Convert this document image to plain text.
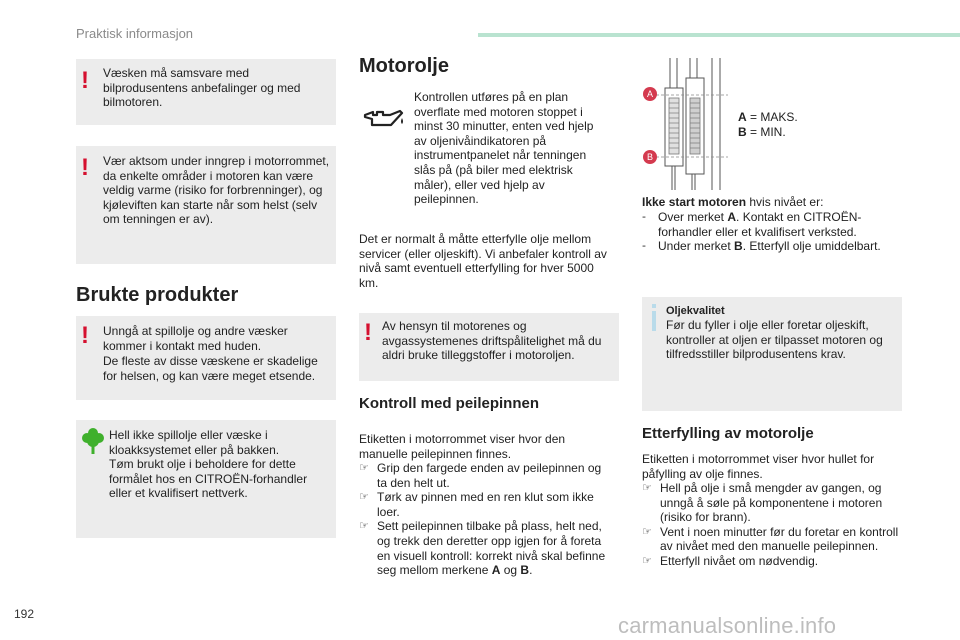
Praktisk informasjon
! Væsken må samsvare med bilprodusentens anbefalinger og med bilmotoren.

! Vær aktsom under inngrep i motorrommet, da enkelte områder i motoren kan være veldig varme (risiko for forbrenninger), og kjøleviften kan starte når som helst (selv om tenningen er av).

Brukte produkter
! Unngå at spillolje og andre væsker kommer i kontakt med huden.

De fleste av disse væskene er skadelige for helsen, og kan være meget etsende.

Hell ikke spillolje eller væske i kloakksystemet eller på bakken.

Tøm brukt olje i beholdere for dette formålet hos en CITROËN-forhandler eller et kvalifisert nettverk.

Motorolje

Kontrollen utføres på en plan overflate med motoren stoppet i minst 30 minutter, enten ved hjelp av oljenivåindikatoren på instrumentpanelet når tenningen slås på (på biler med elektrisk måler), eller ved hjelp av peilepinnen.

Det er normalt å måtte etterfylle olje mellom servicer (eller oljeskift). Vi anbefaler kontroll av nivå samt eventuell etterfylling for hver 5000 km.

! Av hensyn til motorenes og avgassystemenes driftspålitelighet må du aldri bruke tilleggstoffer i motoroljen.

Kontroll med peilepinnen

Etiketten i motorrommet viser hvor den manuelle peilepinnen finnes.

☞ Grip den fargede enden av peilepinnen og ta den helt ut.
☞ Tørk av pinnen med en ren klut som ikke loer.
☞ Sett peilepinnen tilbake på plass, helt ned, og trekk den deretter opp igjen for å foreta en visuell kontroll: korrekt nivå skal befinne seg mellom merkene A og B.
A
B

A = MAKS.

B = MIN.

Ikke start motoren hvis nivået er:

- Over merket A. Kontakt en CITROËN-forhandler eller et kvalifisert verksted.
- Under merket B. Etterfyll olje umiddelbart.

Oljekvalitet

Før du fyller i olje eller foretar oljeskift, kontroller at oljen er tilpasset motoren og tilfredsstiller bilprodusentens krav.

Etterfylling av motorolje

Etiketten i motorrommet viser hvor hullet for påfylling av olje finnes.

☞ Hell på olje i små mengder av gangen, og unngå å søle på komponentene i motoren (risiko for brann).
☞ Vent i noen minutter før du foretar en kontroll av nivået med den manuelle peilepinnen.
☞ Etterfyll nivået om nødvendig.
192	carmanualsonline.info
